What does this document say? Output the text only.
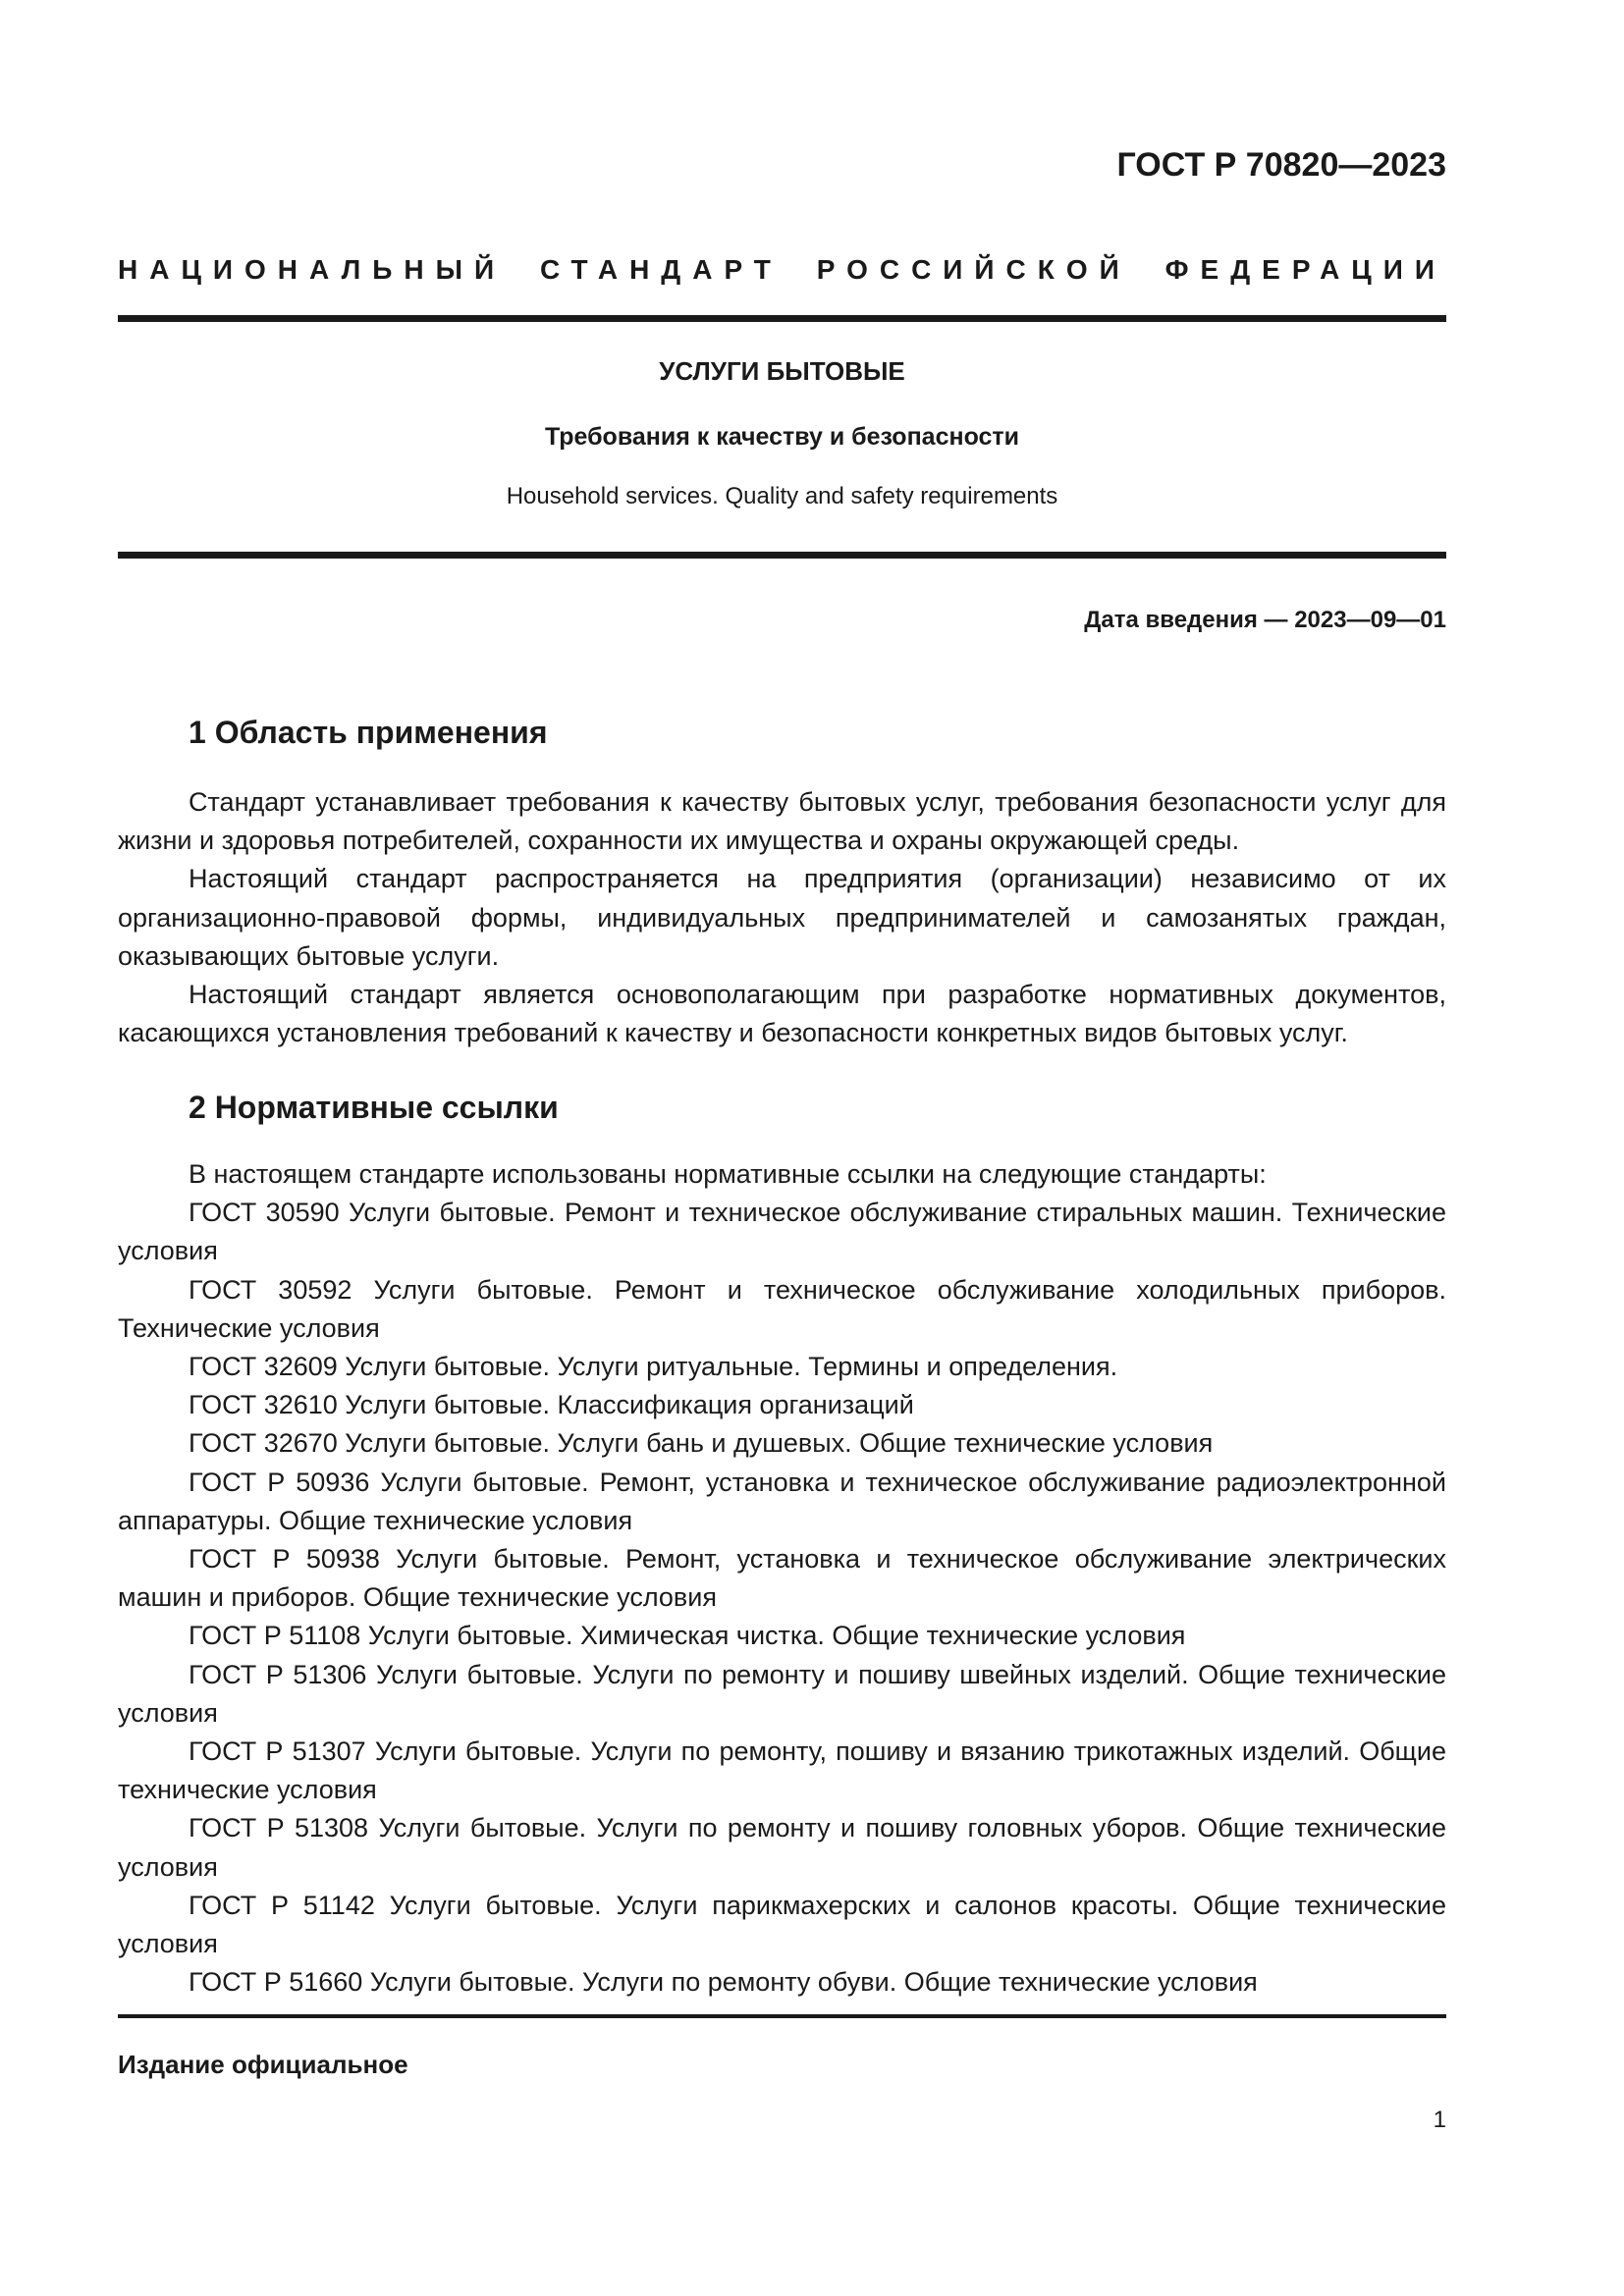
ГОСТ Р 70820—2023

НАЦИОНАЛЬНЫЙ СТАНДАРТ РОССИЙСКОЙ ФЕДЕРАЦИИ

УСЛУГИ БЫТОВЫЕ

Требования к качеству и безопасности

Household services. Quality and safety requirements

Дата введения — 2023—09—01

1 Область применения

Стандарт устанавливает требования к качеству бытовых услуг, требования безопасности услуг для жизни и здоровья потребителей, сохранности их имущества и охраны окружающей среды.

Настоящий стандарт распространяется на предприятия (организации) независимо от их организационно-правовой формы, индивидуальных предпринимателей и самозанятых граждан, оказывающих бытовые услуги.

Настоящий стандарт является основополагающим при разработке нормативных документов, касающихся установления требований к качеству и безопасности конкретных видов бытовых услуг.

2 Нормативные ссылки

В настоящем стандарте использованы нормативные ссылки на следующие стандарты:

ГОСТ 30590 Услуги бытовые. Ремонт и техническое обслуживание стиральных машин. Технические условия

ГОСТ 30592 Услуги бытовые. Ремонт и техническое обслуживание холодильных приборов. Технические условия

ГОСТ 32609 Услуги бытовые. Услуги ритуальные. Термины и определения.

ГОСТ 32610 Услуги бытовые. Классификация организаций

ГОСТ 32670 Услуги бытовые. Услуги бань и душевых. Общие технические условия

ГОСТ Р 50936 Услуги бытовые. Ремонт, установка и техническое обслуживание радиоэлектронной аппаратуры. Общие технические условия

ГОСТ Р 50938 Услуги бытовые. Ремонт, установка и техническое обслуживание электрических машин и приборов. Общие технические условия

ГОСТ Р 51108 Услуги бытовые. Химическая чистка. Общие технические условия

ГОСТ Р 51306 Услуги бытовые. Услуги по ремонту и пошиву швейных изделий. Общие технические условия

ГОСТ Р 51307 Услуги бытовые. Услуги по ремонту, пошиву и вязанию трикотажных изделий. Общие технические условия

ГОСТ Р 51308 Услуги бытовые. Услуги по ремонту и пошиву головных уборов. Общие технические условия

ГОСТ Р 51142 Услуги бытовые. Услуги парикмахерских и салонов красоты. Общие технические условия

ГОСТ Р 51660 Услуги бытовые. Услуги по ремонту обуви. Общие технические условия

Издание официальное

1
